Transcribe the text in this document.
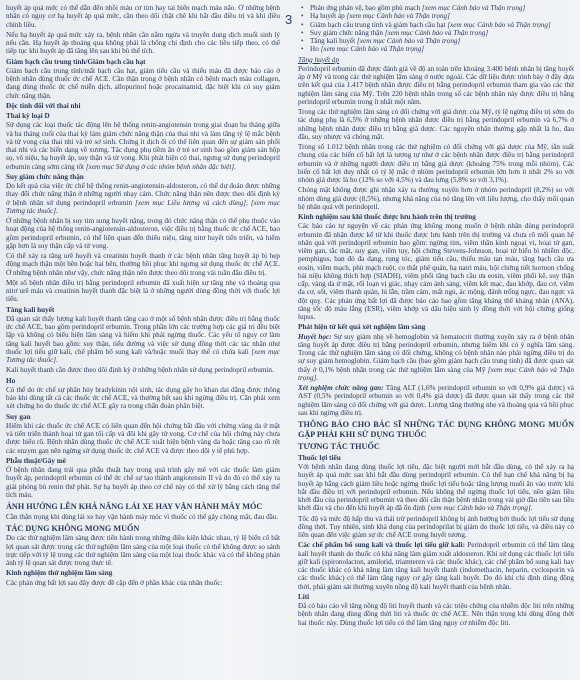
huyết áp quá mức có thể dẫn đến nhồi máu cơ tim hay tai biến mạch máu não. Ở những bệnh nhân có nguy cơ hạ huyết áp quá mức, cần theo dõi chặt chẽ khi bắt đầu điều trị và khi điều chỉnh liều.
Nếu hạ huyết áp quá mức xảy ra, bệnh nhân cần nằm ngửa và truyền dung dịch muối sinh lý nếu cần. Hạ huyết áp thoáng qua không phải là chống chỉ định cho các liều tiếp theo, có thể tiếp tục khi huyết áp đã tăng lên sau khi bù thể tích.
Giảm bạch cầu trung tính/Giảm bạch cầu hạt
Giảm bạch cầu trung tính/mất bạch cầu hạt, giảm tiểu cầu và thiếu máu đã được báo cáo ở bệnh nhân dùng thuốc ức chế ACE. Cần thận trọng ở bệnh nhân có bệnh mạch máu collagen, đang dùng thuốc ức chế miễn dịch, allopurinol hoặc procainamid, đặc biệt khi có suy giảm chức năng thận.
Độc tính đối với thai nhi
Thai kỳ loại D
Sử dụng các loại thuốc tác động lên hệ thống renin-angiotensin trong giai đoạn ba tháng giữa và ba tháng cuối của thai kỳ làm giảm chức năng thận của thai nhi và làm tăng tỷ lệ mắc bệnh và tử vong của thai nhi và trẻ sơ sinh. Chứng ít dịch ối có thể liên quan đến sự giảm sản phổi thai nhi và các biến dạng về xương. Tác dụng phụ tiềm ẩn ở trẻ sơ sinh bao gồm giảm sản hộp sọ, vô niệu, hạ huyết áp, suy thận và tử vong. Khi phát hiện có thai, ngưng sử dụng perindopril erbumin càng sớm càng tốt [xem mục Sử dụng ở các nhóm bệnh nhân đặc biệt].
Suy giảm chức năng thận
Do kết quả của việc ức chế hệ thống renin-angiotensin-aldosteron, có thể dự đoán được những thay đổi chức năng thận ở những người nhạy cảm. Chức năng thận nên được theo dõi định kỳ ở bệnh nhân sử dụng perindopril erbumin [xem mục Liều lượng và cách dùng], [xem mục Tương tác thuốc].
Ở những bệnh nhân bị suy tim sung huyết nặng, trong đó chức năng thận có thể phụ thuộc vào hoạt động của hệ thống renin-angiotensin-aldosteron, việc điều trị bằng thuốc ức chế ACE, bao gồm perindopril erbumin, có thể liên quan đến thiểu niệu, tăng nitơ huyết tiến triển, và hiếm gặp hơn là suy thận cấp và tử vong.
Có thể xảy ra tăng urê huyết và creatinin huyết thanh ở các bệnh nhân tăng huyết áp bị hẹp động mạch thận một bên hoặc hai bên, thường hồi phục khi ngưng sử dụng thuốc ức chế ACE. Ở những bệnh nhân như vậy, chức năng thận nên được theo dõi trong vài tuần đầu điều trị.
Một số bệnh nhân điều trị bằng perindopril erbumin đã xuất hiện sự tăng nhẹ và thoáng qua nitơ urê máu và creatinin huyết thanh đặc biệt là ở những người dùng đồng thời với thuốc lợi tiểu.
Tăng kali huyết
Đã quan sát thấy lượng kali huyết thanh tăng cao ở một số bệnh nhân được điều trị bằng thuốc ức chế ACE, bao gồm perindopril erbumin. Trong phần lớn các trường hợp các giá trị đều biệt lập và không có biểu hiện lâm sàng và hiếm khi phải ngừng thuốc. Các yếu tố nguy cơ làm tăng kali huyết bao gồm: suy thận, tiểu đường và việc sử dụng đồng thời các tác nhân như thuốc lợi tiểu giữ kali, chế phẩm bổ sung kali và/hoặc muối thay thế có chứa kali [xem mục Tương tác thuốc].
Kali huyết thanh cần được theo dõi định kỳ ở những bệnh nhân sử dụng perindopril erbumin.
Ho
Có thể do ức chế sự phân hủy bradykinin nội sinh, tác dụng gây ho khan dai dẳng được thông báo khi dùng tất cả các thuốc ức chế ACE, và thường hết sau khi ngừng điều trị. Cần phải xem xét chứng ho do thuốc ức chế ACE gây ra trong chẩn đoán phân biệt.
Suy gan
Hiếm khi các thuốc ức chế ACE có liên quan đến hội chứng bắt đầu với chứng vàng da ứ mật và tiến triển thành hoại tử gan tối cấp và đôi khi gây tử vong. Cơ chế của hội chứng này chưa được hiểu rõ. Bệnh nhân dùng thuốc ức chế ACE xuất hiện bệnh vàng da hoặc tăng cao rõ rệt các enzym gan nên ngừng sử dụng thuốc ức chế ACE và được theo dõi y tế phù hợp.
Phẫu thuật/Gây mê
Ở bệnh nhân đang trải qua phẫu thuật hay trong quá trình gây mê với các thuốc làm giảm huyết áp, perindopril erbumin có thể ức chế sự tạo thành angiotensin II và do đó có thể xảy ra giải phóng bù renin thứ phát. Sự hạ huyết áp theo cơ chế này có thể xử lý bằng cách tăng thể tích máu.
ẢNH HƯỞNG LÊN KHẢ NĂNG LÁI XE HAY VẬN HÀNH MÁY MÓC
Cần thận trọng khi dùng lái xe hay vận hành máy móc vì thuốc có thể gây chóng mặt, đau đầu.
TÁC DỤNG KHÔNG MONG MUỐN
Do các thử nghiệm lâm sàng được tiến hành trong những điều kiện khác nhau, tỷ lệ biến cố bất lợi quan sát được trong các thử nghiệm lâm sàng của một loại thuốc có thể không được so sánh trực tiếp với tỷ lệ trong các thử nghiệm lâm sàng của một loại thuốc khác và có thể không phản ánh tỷ lệ quan sát được trong thực tế.
Kinh nghiệm thử nghiệm lâm sàng
Các phản ứng bất lợi sau đây được đề cập đến ở phần khác của nhãn thuốc:
3
• Phản ứng phản vệ, bao gồm phù mạch [xem mục Cảnh báo và Thận trọng]
• Hạ huyết áp [xem mục Cảnh báo và Thận trọng]
• Giảm bạch cầu trung tính và giảm bạch cầu hạt [xem mục Cảnh báo và Thận trọng]
• Suy giảm chức năng thận [xem mục Cảnh báo và Thận trọng]
• Tăng kali huyết [xem mục Cảnh báo và Thận trọng]
• Ho [xem mục Cảnh báo và Thận trọng]
Tăng huyết áp
Perindopril erbumin đã được đánh giá về độ an toàn trên khoảng 3.400 bệnh nhân bị tăng huyết áp ở Mỹ và trong các thử nghiệm lâm sàng ở nước ngoài. Các dữ liệu được trình bày ở đây dựa trên kết quả của 1.417 bệnh nhân được điều trị bằng perindopril erbumin tham gia vào các thử nghiệm lâm sàng của Mỹ. Trên 220 bệnh nhân trong số các bệnh nhân này được điều trị bằng perindopril erbumin trong ít nhất một năm.
Trong các thử nghiệm lâm sàng có đối chứng với giả dược của Mỹ, tỷ lệ ngừng điều trị sớm do tác dụng phụ là 6,5% ở những bệnh nhân được điều trị bằng perindopril erbumin và 6,7% ở những bệnh nhân được điều trị bằng giả dược. Các nguyên nhân thường gặp nhất là ho, đau đầu, suy nhược và chóng mặt.
Trong số 1.012 bệnh nhân trong các thử nghiệm có đối chứng với giả dược của Mỹ, tần suất chung của các biến cố bất lợi là tương tự như ở các bệnh nhân được điều trị bằng perindopril erbumin và ở những người được điều trị bằng giả dược (khoảng 75% trong mỗi nhóm). Các biến cố bất lợi duy nhất có tỷ lệ mắc ở nhóm perindopril erbumin lớn hơn ít nhất 2% so với nhóm giả dược là ho (12% so với 4,5%) và đau lưng (5,8% so với 3,1%).
Chóng mặt không được ghi nhận xảy ra thường xuyên hơn ở nhóm perindopril (8,2%) so với nhóm dùng giả dược (8,5%), nhưng khả năng của nó tăng lên với liều lượng, cho thấy mối quan hệ nhân quả với perindopril.
Kinh nghiệm sau khi thuốc được lưu hành trên thị trường
Các báo cáo tự nguyện về các phản ứng không mong muốn ở bệnh nhân dùng perindopril erbumin đã nhận được kể từ khi thuốc được lưu hành trên thị trường và chưa rõ mối quan hệ nhân quả với perindopril erbumin bao gồm: ngừng tim, viêm thần kinh ngoại vi, hoại tử gan, viêm gan, tắc mật, suy gan, viêm tụy, hội chứng Stevens-Johnson, hoại tử biểu bì nhiễm độc, pemphigus, ban đỏ đa dạng, rụng tóc, giảm tiểu cầu, thiếu máu tan máu, tăng bạch cầu ưa eosin, viêm mạch, phù mạch ruột, co thắt phế quản, hạ natri máu, hội chứng tiết hormon chống bài niệu không thích hợp (SIADH), viêm phổi tăng bạch cầu ưa eosin, viêm phổi kẽ, suy thận cấp, vàng da ứ mật, rối loạn vị giác, nhạy cảm ánh sáng, viêm kết mạc, đau khớp, đau cơ, viêm đa cơ, sốt, viêm thanh quản, lú lẫn, trầm cảm, mất ngủ, ác mộng, đánh trống ngực, đau ngực và đột quỵ. Các phản ứng bất lợi đã được báo cáo bao gồm tăng kháng thể kháng nhân (ANA), tăng tốc độ máu lắng (ESR), viêm khớp và dấu hiệu sinh lý đồng thời với hội chứng giống lupus.
Phát hiện từ kết quả xét nghiệm lâm sàng
Huyết học: Sự suy giảm nhẹ về hemoglobin và hematocrit thường xuyên xảy ra ở bệnh nhân tăng huyết áp được điều trị bằng perindopril erbumin, nhưng hiếm khi có ý nghĩa lâm sàng. Trong các thử nghiệm lâm sàng có đối chứng, không có bệnh nhân nào phải ngừng điều trị do sự suy giảm hemoglobin. Giảm bạch cầu (bao gồm giảm bạch cầu trung tính) đã được quan sát thấy ở 0,1% bệnh nhân trong các thử nghiệm lâm sàng của Mỹ [xem mục Cảnh báo và Thận trọng].
Xét nghiệm chức năng gan: Tăng ALT (1,6% perindopril erbumin so với 0,9% giả dược) và AST (0,5% perindopril erbumin so với 0,4% giả dược) đã được quan sát thấy trong các thử nghiệm lâm sàng có đối chứng với giả dược. Lượng tăng thường nhẹ và thoáng qua và hồi phục sau khi ngừng điều trị.
THÔNG BÁO CHO BÁC SĨ NHỮNG TÁC DỤNG KHÔNG MONG MUỐN GẶP PHẢI KHI SỬ DỤNG THUỐC
TƯƠNG TÁC THUỐC
Thuốc lợi tiểu
Với bệnh nhân đang dùng thuốc lợi tiểu, đặc biệt người mới bắt đầu dùng, có thể xảy ra hạ huyết áp quá mức sau khi bắt đầu dùng perindopril erbumin. Có thể hạn chế khả năng bị hạ huyết áp bằng cách giảm liều hoặc ngừng thuốc lợi tiểu hoặc tăng lượng muối ăn vào trước khi bắt đầu điều trị với perindopril erbumin. Nếu không thể ngừng thuốc lợi tiểu, nên giảm liều khởi đầu của perindopril erbumin và theo dõi cẩn thận bệnh nhân trong vài giờ đầu tiên sau liều khởi đầu và cho đến khi huyết áp đã ổn định [xem mục Cảnh báo và Thận trọng].
Tốc độ và mức độ hấp thu và thải trừ perindopril không bị ảnh hưởng bởi thuốc lợi tiểu sử dụng đồng thời. Tuy nhiên, sinh khả dụng của perindoprilat bị giảm do thuốc lợi tiểu, và điều này có liên quan đến việc giảm sự ức chế ACE trong huyết tương.
Các chế phẩm bổ sung kali và thuốc lợi tiểu giữ kali: Perindopril erbumin có thể làm tăng kali huyết thanh do thuốc có khả năng làm giảm xuất aldosteron. Khi sử dụng các thuốc lợi tiểu giữ kali (spironolacton, amilorid, triamteren và các thuốc khác), các chế phẩm bổ sung kali hay các thuốc khác có khả năng làm tăng kali huyết thanh (indomethacin, heparin, cyclosporin và các thuốc khác) có thể làm tăng nguy cơ gây tăng kali huyết. Do đó khi chỉ định dùng đồng thời, phải giám sát thường xuyên nồng độ kali huyết thanh của bệnh nhân.
Liti
Đã có báo cáo về tăng nồng độ liti huyết thanh và các triệu chứng của nhiễm độc liti trên những bệnh nhân đang dùng đồng thời liti và thuốc ức chế ACE. Nên thận trọng khi dùng đồng thời hai thuốc này. Dùng thuốc lợi tiểu có thể làm tăng nguy cơ nhiễm độc liti.
